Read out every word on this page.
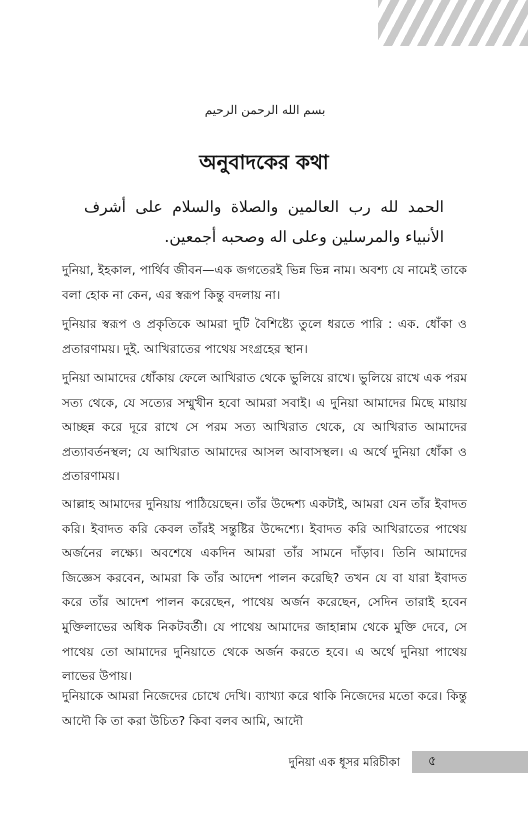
بسم الله الرحمن الرحيم
অনুবাদকের কথা
الحمد لله رب العالمين والصلاة والسلام على أشرف الأنبياء والمرسلين وعلى اله وصحبه أجمعين.
দুনিয়া, ইহকাল, পার্থিব জীবন—এক জগতেরই ভিন্ন ভিন্ন নাম। অবশ্য যে নামেই তাকে বলা হোক না কেন, এর স্বরূপ কিন্তু বদলায় না।
দুনিয়ার স্বরূপ ও প্রকৃতিকে আমরা দুটি বৈশিষ্ট্যে তুলে ধরতে পারি : এক. ধোঁকা ও প্রতারণাময়। দুই. আখিরাতের পাথেয় সংগ্রহের স্থান।
দুনিয়া আমাদের ধোঁকায় ফেলে আখিরাত থেকে ভুলিয়ে রাখে। ভুলিয়ে রাখে এক পরম সত্য থেকে, যে সত্যের সম্মুখীন হবো আমরা সবাই। এ দুনিয়া আমাদের মিছে মায়ায় আচ্ছন্ন করে দূরে রাখে সে পরম সত্য আখিরাত থেকে, যে আখিরাত আমাদের প্রত্যাবর্তনস্থল; যে আখিরাত আমাদের আসল আবাসস্থল। এ অর্থে দুনিয়া ধোঁকা ও প্রতারণাময়।
আল্লাহ আমাদের দুনিয়ায় পাঠিয়েছেন। তাঁর উদ্দেশ্য একটাই, আমরা যেন তাঁর ইবাদত করি। ইবাদত করি কেবল তাঁরই সন্তুষ্টির উদ্দেশ্যে। ইবাদত করি আখিরাতের পাথেয় অর্জনের লক্ষ্যে। অবশেষে একদিন আমরা তাঁর সামনে দাঁড়াব। তিনি আমাদের জিজ্ঞেস করবেন, আমরা কি তাঁর আদেশ পালন করেছি? তখন যে বা যারা ইবাদত করে তাঁর আদেশ পালন করেছেন, পাথেয় অর্জন করেছেন, সেদিন তারাই হবেন মুক্তিলাভের অধিক নিকটবর্তী। যে পাথেয় আমাদের জাহান্নাম থেকে মুক্তি দেবে, সে পাথেয় তো আমাদের দুনিয়াতে থেকে অর্জন করতে হবে। এ অর্থে দুনিয়া পাথেয় লাভের উপায়।
দুনিয়াকে আমরা নিজেদের চোখে দেখি। ব্যাখ্যা করে থাকি নিজেদের মতো করে। কিন্তু আদৌ কি তা করা উচিত? কিবা বলব আমি, আদৌ
দুনিয়া এক ধূসর মরিচীকা	৫
